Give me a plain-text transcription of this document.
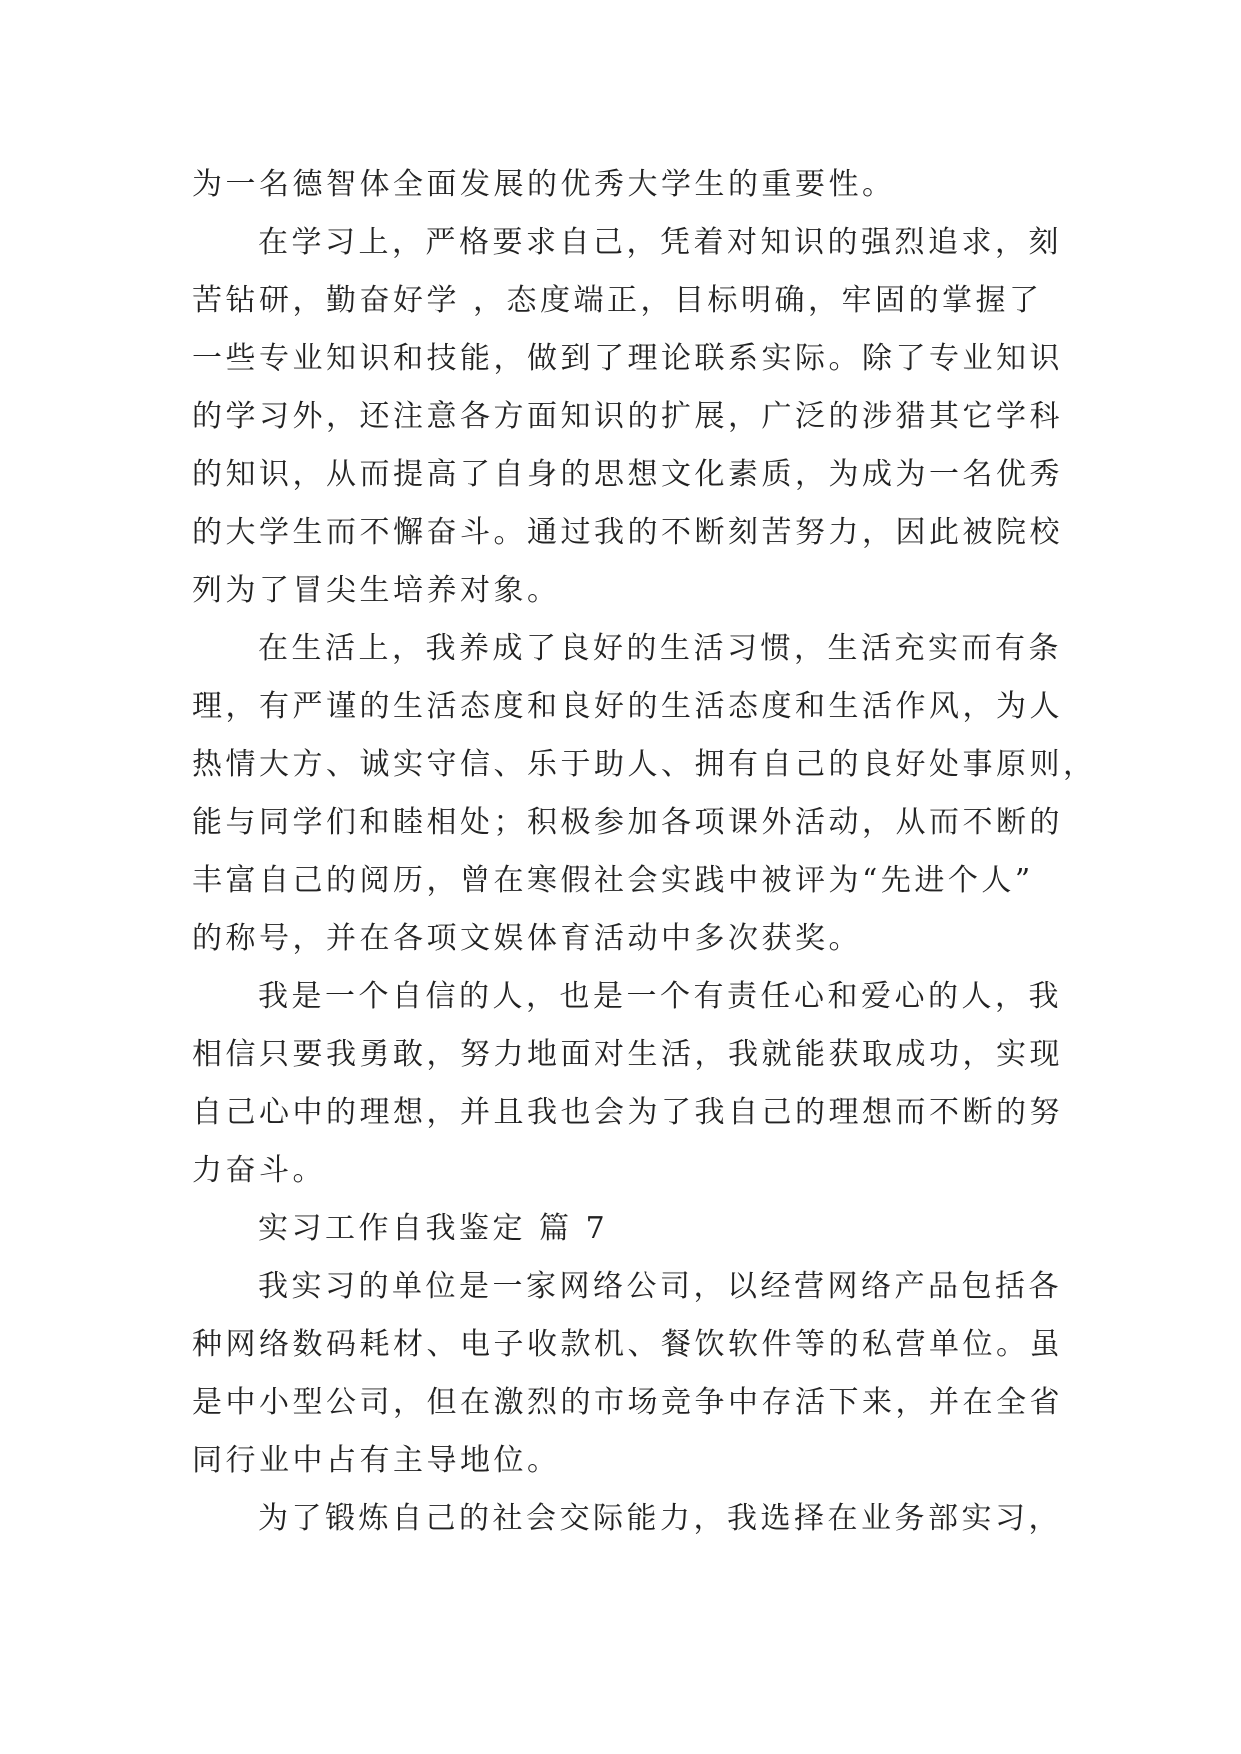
为一名德智体全面发展的优秀大学生的重要性。
在学习上，严格要求自己，凭着对知识的强烈追求，刻
苦钻研，勤奋好学 ，态度端正，目标明确，牢固的掌握了
一些专业知识和技能，做到了理论联系实际。除了专业知识
的学习外，还注意各方面知识的扩展，广泛的涉猎其它学科
的知识，从而提高了自身的思想文化素质，为成为一名优秀
的大学生而不懈奋斗。通过我的不断刻苦努力，因此被院校
列为了冒尖生培养对象。
在生活上，我养成了良好的生活习惯，生活充实而有条
理，有严谨的生活态度和良好的生活态度和生活作风，为人
热情大方、诚实守信、乐于助人、拥有自己的良好处事原则，
能与同学们和睦相处；积极参加各项课外活动，从而不断的
丰富自己的阅历，曾在寒假社会实践中被评为“先进个人”
的称号，并在各项文娱体育活动中多次获奖。
我是一个自信的人，也是一个有责任心和爱心的人，我
相信只要我勇敢，努力地面对生活，我就能获取成功，实现
自己心中的理想，并且我也会为了我自己的理想而不断的努
力奋斗。
实习工作自我鉴定 篇 7
我实习的单位是一家网络公司，以经营网络产品包括各
种网络数码耗材、电子收款机、餐饮软件等的私营单位。虽
是中小型公司，但在激烈的市场竞争中存活下来，并在全省
同行业中占有主导地位。
为了锻炼自己的社会交际能力，我选择在业务部实习，
